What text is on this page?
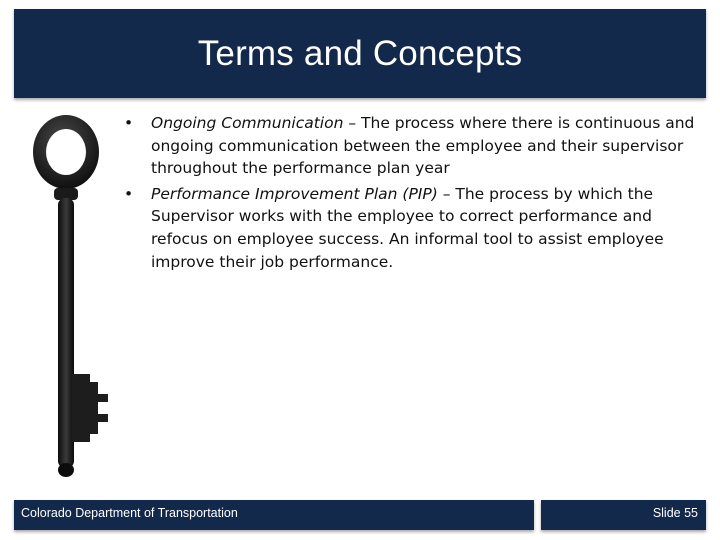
Terms and Concepts
• Ongoing Communication – The process where there is continuous and ongoing communication between the employee and their supervisor throughout the performance plan year
• Performance Improvement Plan (PIP) – The process by which the Supervisor works with the employee to correct performance and refocus on employee success. An informal tool to assist employee improve their job performance.
Colorado Department of Transportation	Slide 55
